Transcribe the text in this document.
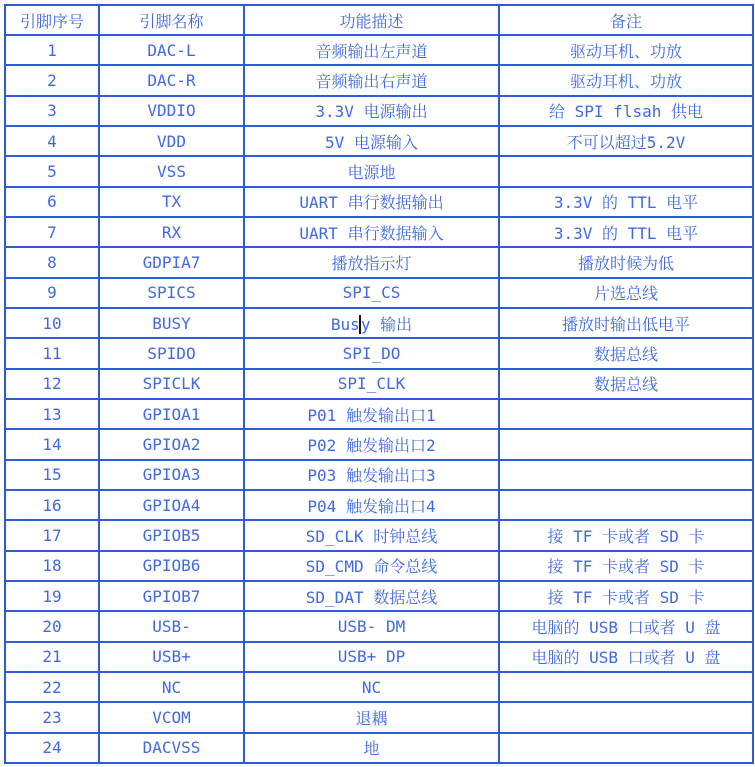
引脚序号	引脚名称	功能描述	备注
1	DAC-L	音频输出左声道	驱动耳机、功放
2	DAC-R	音频输出右声道	驱动耳机、功放
3	VDDIO	3.3V 电源输出	给 SPI flsah 供电
4	VDD	5V 电源输入	不可以超过5.2V
5	VSS	电源地	
6	TX	UART 串行数据输出	3.3V 的 TTL 电平
7	RX	UART 串行数据输入	3.3V 的 TTL 电平
8	GDPIA7	播放指示灯	播放时候为低
9	SPICS	SPI_CS	片选总线
10	BUSY	Busy 输出	播放时输出低电平
11	SPIDO	SPI_DO	数据总线
12	SPICLK	SPI_CLK	数据总线
13	GPIOA1	P01 触发输出口1	
14	GPIOA2	P02 触发输出口2	
15	GPIOA3	P03 触发输出口3	
16	GPIOA4	P04 触发输出口4	
17	GPIOB5	SD_CLK 时钟总线	接 TF 卡或者 SD 卡
18	GPIOB6	SD_CMD 命令总线	接 TF 卡或者 SD 卡
19	GPIOB7	SD_DAT 数据总线	接 TF 卡或者 SD 卡
20	USB-	USB- DM	电脑的 USB 口或者 U 盘
21	USB+	USB+ DP	电脑的 USB 口或者 U 盘
22	NC	NC	
23	VCOM	退耦	
24	DACVSS	地	
